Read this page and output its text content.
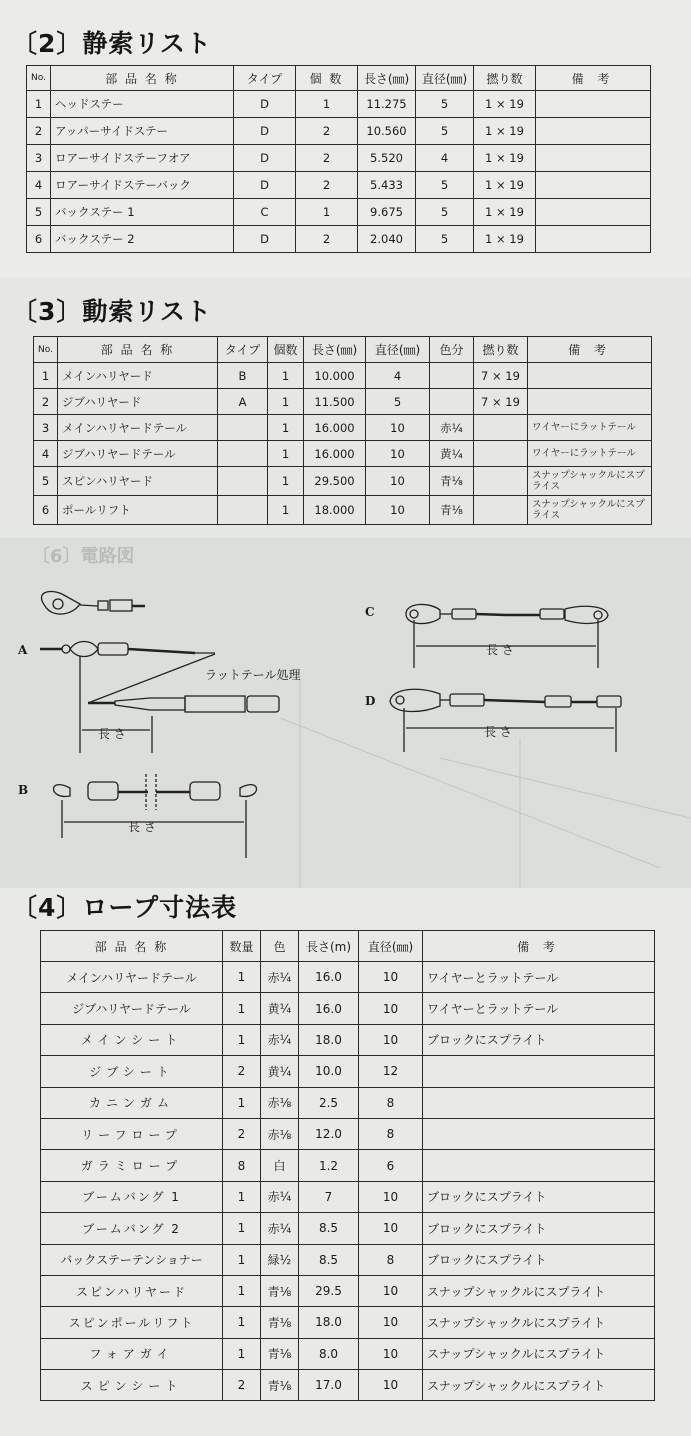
〔2〕静索リスト
No.	部 品 名 称	タイプ	個 数	長さ(㎜)	直径(㎜)	撚り数	備 考
1	ヘッドステー	D	1	11.275	5	1 × 19	
2	アッパーサイドステー	D	2	10.560	5	1 × 19	
3	ロアーサイドステーフオア	D	2	5.520	4	1 × 19	
4	ロアーサイドステーバック	D	2	5.433	5	1 × 19	
5	バックステー 1	C	1	9.675	5	1 × 19	
6	バックステー 2	D	2	2.040	5	1 × 19	
〔3〕動索リスト
No.	部 品 名 称	タイプ	個数	長さ(㎜)	直径(㎜)	色分	撚り数	備 考
1	メインハリヤード	B	1	10.000	4		7 × 19	
2	ジブハリヤード	A	1	11.500	5		7 × 19	
3	メインハリヤードテール		1	16.000	10	赤¼		ワイヤーにラットテール
4	ジブハリヤードテール		1	16.000	10	黄¼		ワイヤーにラットテール
5	スピンハリヤード		1	29.500	10	青⅛		スナップシャックルにスプライス
6	ポールリフト		1	18.000	10	青⅛		スナップシャックルにスプライス
〔6〕電路図
A
B
C
D
ラットテール処理
長 さ
長 さ
長 さ
長 さ
〔4〕ロープ寸法表
部 品 名 称	数量	色	長さ(m)	直径(㎜)	備 考
メインハリヤードテール	1	赤¼	16.0	10	ワイヤーとラットテール
ジブハリヤードテール	1	黄¼	16.0	10	ワイヤーとラットテール
メインシート	1	赤¼	18.0	10	ブロックにスプライト
ジブシート	2	黄¼	10.0	12	
カニンガム	1	赤⅛	2.5	8	
リーフロープ	2	赤⅛	12.0	8	
ガラミロープ	8	白	1.2	6	
ブームバング 1	1	赤¼	7	10	ブロックにスプライト
ブームバング 2	1	赤¼	8.5	10	ブロックにスプライト
バックステーテンショナー	1	緑½	8.5	8	ブロックにスプライト
スピンハリヤード	1	青⅛	29.5	10	スナップシャックルにスプライト
スピンポールリフト	1	青⅛	18.0	10	スナップシャックルにスプライト
フォアガイ	1	青⅛	8.0	10	スナップシャックルにスプライト
スピンシート	2	青⅛	17.0	10	スナップシャックルにスプライト
